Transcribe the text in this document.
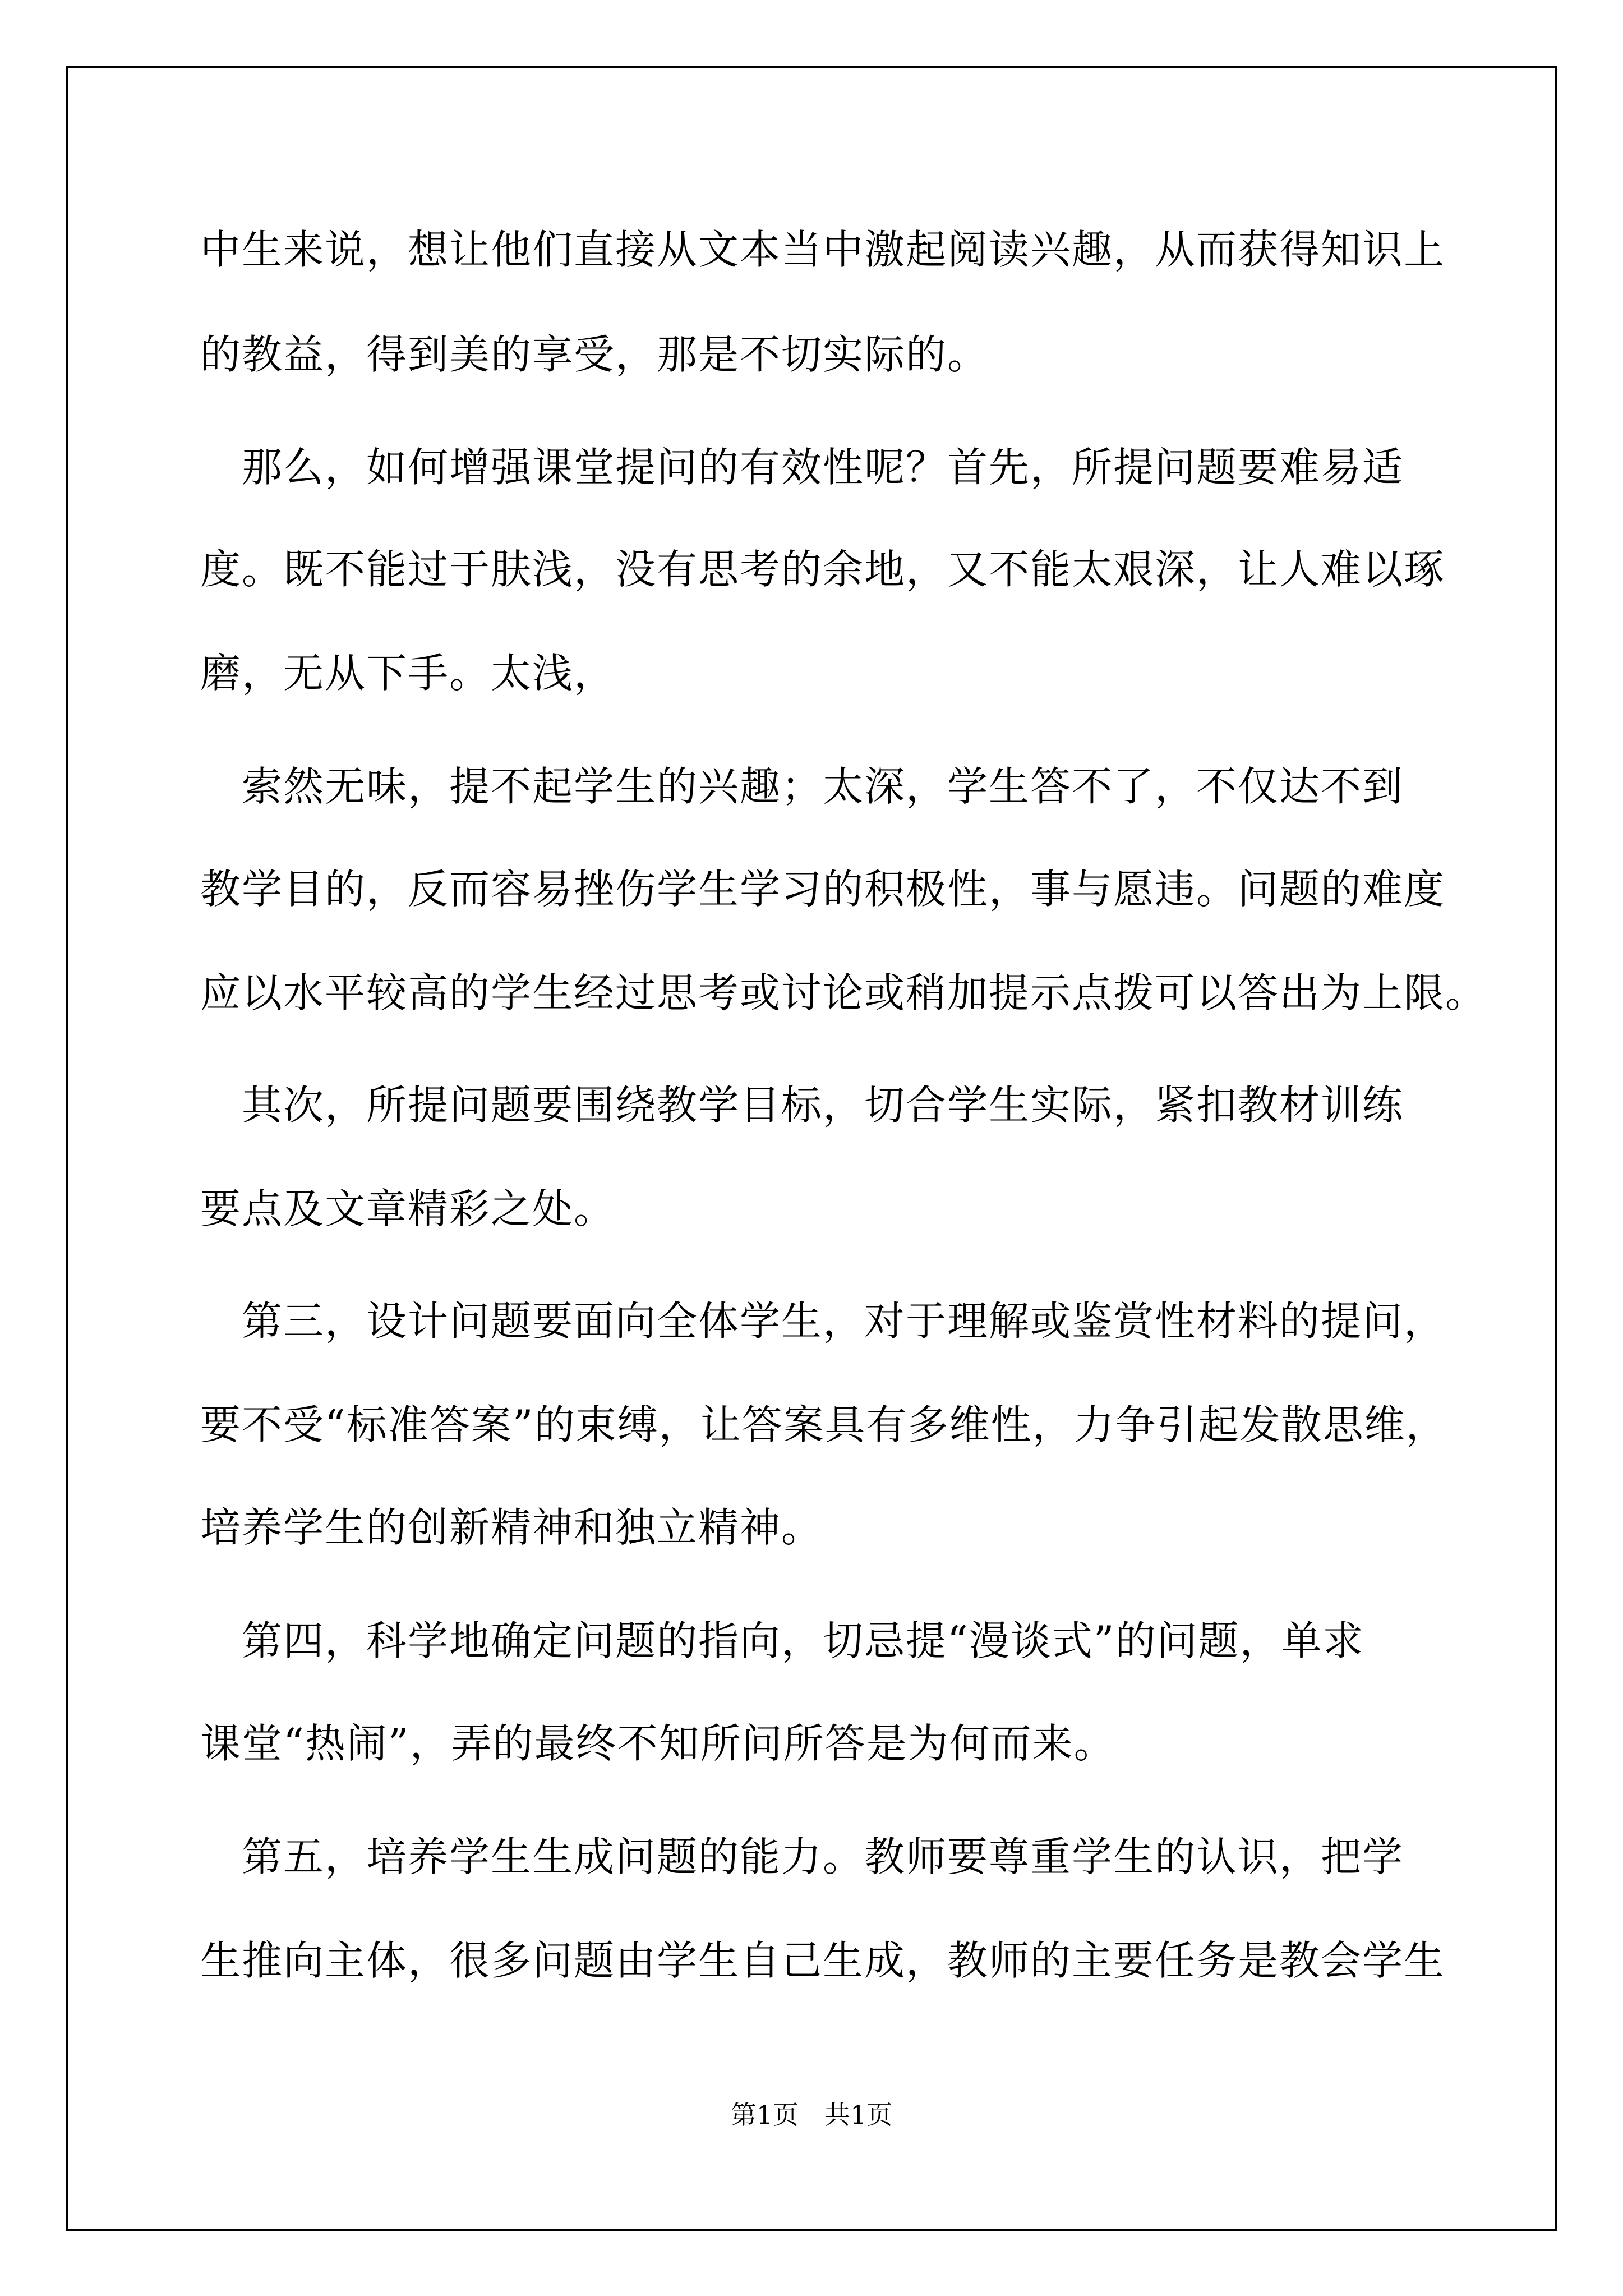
中生来说，想让他们直接从文本当中激起阅读兴趣，从而获得知识上
的教益，得到美的享受，那是不切实际的。
　那么，如何增强课堂提问的有效性呢？首先，所提问题要难易适
度。既不能过于肤浅，没有思考的余地，又不能太艰深，让人难以琢
磨，无从下手。太浅，
　索然无味，提不起学生的兴趣；太深，学生答不了，不仅达不到
教学目的，反而容易挫伤学生学习的积极性，事与愿违。问题的难度
应以水平较高的学生经过思考或讨论或稍加提示点拨可以答出为上限。
　其次，所提问题要围绕教学目标，切合学生实际，紧扣教材训练
要点及文章精彩之处。
　第三，设计问题要面向全体学生，对于理解或鉴赏性材料的提问，
要不受“标准答案”的束缚，让答案具有多维性，力争引起发散思维，
培养学生的创新精神和独立精神。
　第四，科学地确定问题的指向，切忌提“漫谈式”的问题，单求
课堂“热闹”，弄的最终不知所问所答是为何而来。
　第五，培养学生生成问题的能力。教师要尊重学生的认识，把学
生推向主体，很多问题由学生自己生成，教师的主要任务是教会学生
第1页　共1页
